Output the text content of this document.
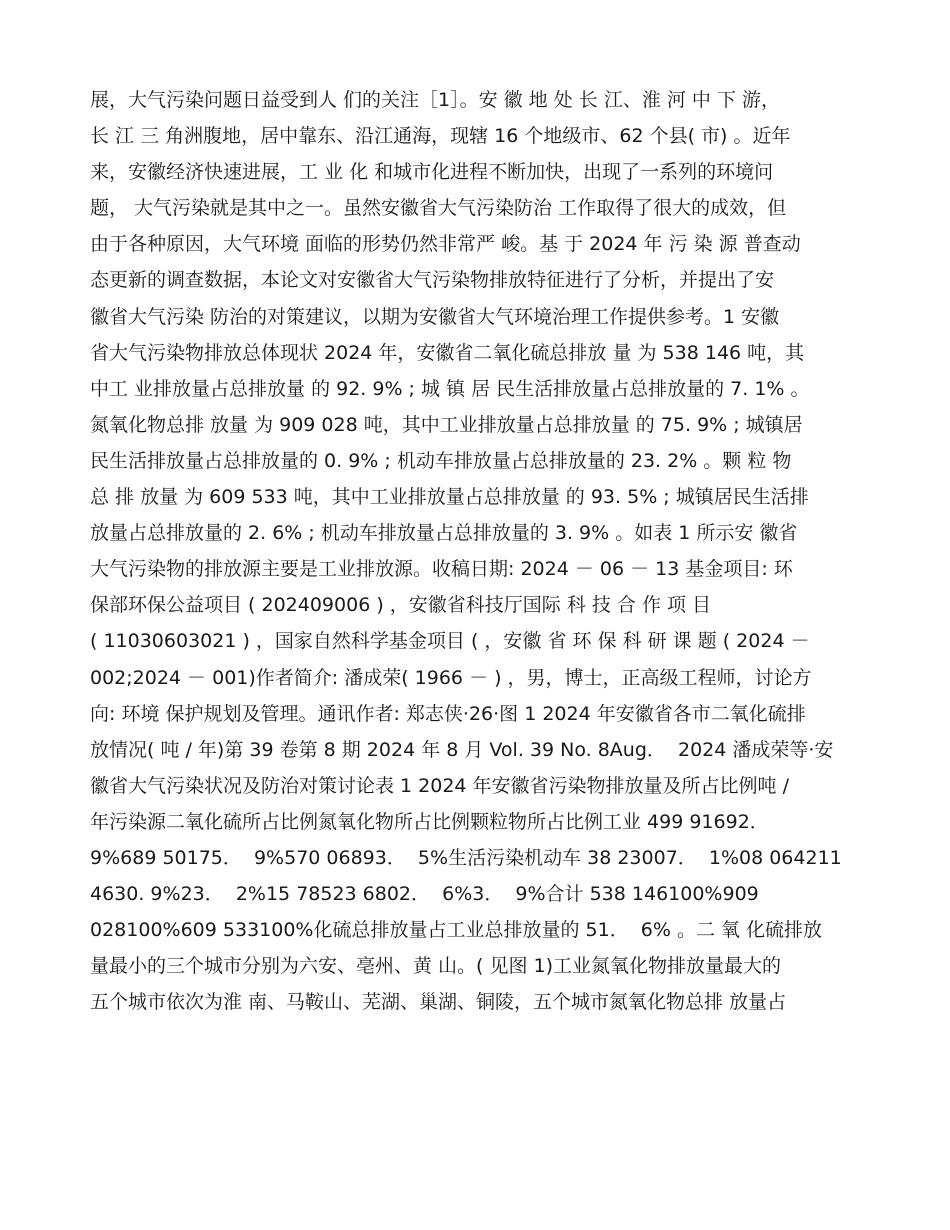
展，大气污染问题日益受到人 们的关注［1］。安 徽 地 处 长 江、淮 河 中 下 游，
长 江 三 角洲腹地，居中靠东、沿江通海，现辖 16 个地级市、62 个县( 市) 。近年
来，安徽经济快速进展，工 业 化 和城市化进程不断加快，出现了一系列的环境问
题， 大气污染就是其中之一。虽然安徽省大气污染防治 工作取得了很大的成效，但
由于各种原因，大气环境 面临的形势仍然非常严 峻。基 于 2024 年 污 染 源 普查动
态更新的调查数据，本论文对安徽省大气污染物排放特征进行了分析，并提出了安
徽省大气污染 防治的对策建议，以期为安徽省大气环境治理工作提供参考。1 安徽
省大气污染物排放总体现状 2024 年，安徽省二氧化硫总排放 量 为 538 146 吨，其
中工 业排放量占总排放量 的 92. 9% ; 城 镇 居 民生活排放量占总排放量的 7. 1% 。
氮氧化物总排 放量 为 909 028 吨，其中工业排放量占总排放量 的 75. 9% ; 城镇居
民生活排放量占总排放量的 0. 9% ; 机动车排放量占总排放量的 23. 2% 。颗 粒 物
总 排 放量 为 609 533 吨，其中工业排放量占总排放量 的 93. 5% ; 城镇居民生活排
放量占总排放量的 2. 6% ; 机动车排放量占总排放量的 3. 9% 。如表 1 所示安 徽省
大气污染物的排放源主要是工业排放源。收稿日期: 2024 － 06 － 13 基金项目: 环
保部环保公益项目 ( 202409006 ) ，安徽省科技厅国际 科 技 合 作 项 目
( 11030603021 ) ，国家自然科学基金项目 ( ，安徽 省 环 保 科 研 课 题 ( 2024 －
002;2024 － 001)作者简介: 潘成荣( 1966 － ) ，男，博士，正高级工程师，讨论方
向: 环境 保护规划及管理。通讯作者: 郑志侠·26·图 1 2024 年安徽省各市二氧化硫排
放情况( 吨 / 年)第 39 卷第 8 期 2024 年 8 月 Vol. 39 No. 8Aug．  2024 潘成荣等·安
徽省大气污染状况及防治对策讨论表 1 2024 年安徽省污染物排放量及所占比例吨 /
年污染源二氧化硫所占比例氮氧化物所占比例颗粒物所占比例工业 499 91692．
9%689 50175．  9%570 06893．  5%生活污染机动车 38 23007．  1%08 064211
4630. 9%23．  2%15 78523 6802．  6%3．  9%合计 538 146100%909
028100%609 533100%化硫总排放量占工业总排放量的 51．  6% 。二 氧 化硫排放
量最小的三个城市分别为六安、亳州、黄 山。( 见图 1)工业氮氧化物排放量最大的
五个城市依次为淮 南、马鞍山、芜湖、巢湖、铜陵，五个城市氮氧化物总排 放量占
